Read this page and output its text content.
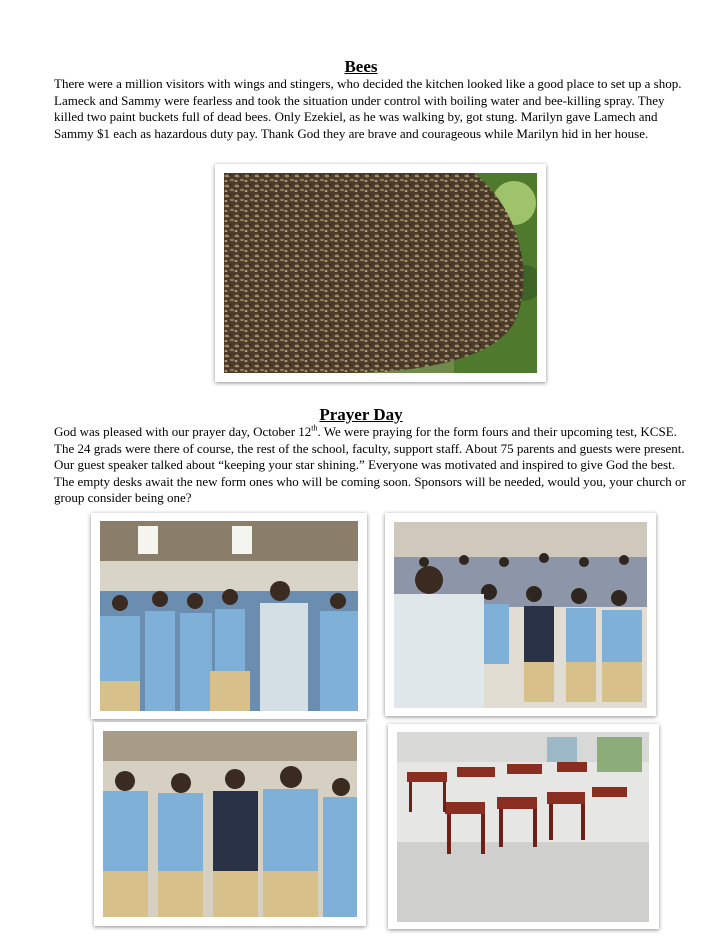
Bees

There were a million visitors with wings and stingers, who decided the kitchen looked like a good place to set up a shop. Lameck and Sammy were fearless and took the situation under control with boiling water and bee-killing spray. They killed two paint buckets full of dead bees. Only Ezekiel, as he was walking by, got stung. Marilyn gave Lamech and Sammy $1 each as hazardous duty pay. Thank God they are brave and courageous while Marilyn hid in her house.

Prayer Day

God was pleased with our prayer day, October 12th. We were praying for the form fours and their upcoming test, KCSE. The 24 grads were there of course, the rest of the school, faculty, support staff. About 75 parents and guests were present. Our guest speaker talked about “keeping your star shining.” Everyone was motivated and inspired to give God the best. The empty desks await the new form ones who will be coming soon. Sponsors will be needed, would you, your church or group consider being one?
